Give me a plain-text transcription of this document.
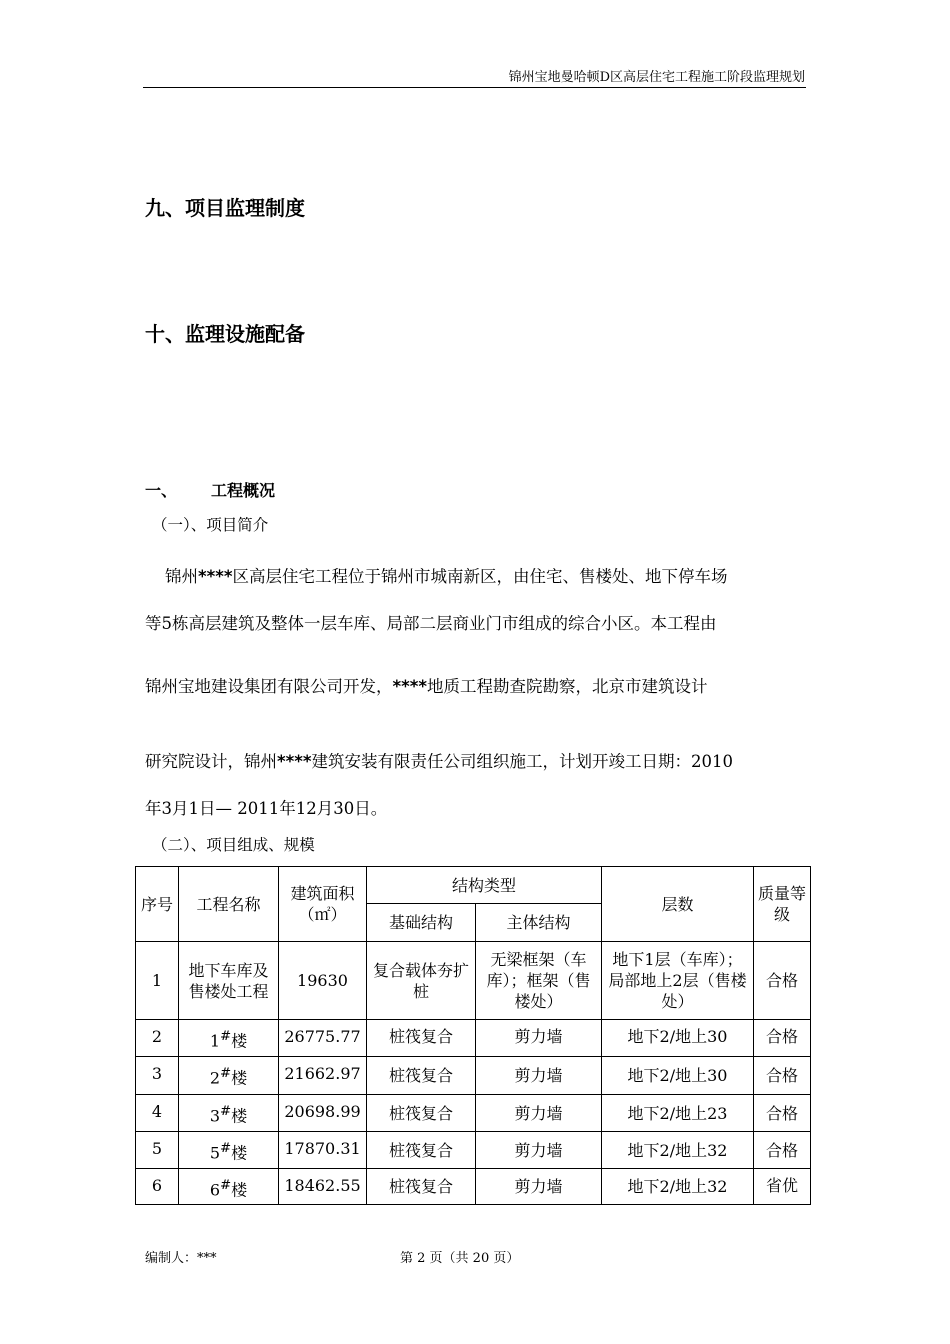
锦州宝地曼哈顿D区高层住宅工程施工阶段监理规划
九、项目监理制度
十、监理设施配备
一、 工程概况
（一）、项目简介
锦州****区高层住宅工程位于锦州市城南新区，由住宅、售楼处、地下停车场
等5栋高层建筑及整体一层车库、局部二层商业门市组成的综合小区。本工程由
锦州宝地建设集团有限公司开发，****地质工程勘查院勘察，北京市建筑设计
研究院设计，锦州****建筑安装有限责任公司组织施工，计划开竣工日期：2010
年3月1日— 2011年12月30日。
（二）、项目组成、规模
序号	工程名称	建筑面积（㎡）	结构类型		层数	质量等级
			基础结构	主体结构		
1	地下车库及售楼处工程	19630	复合载体夯扩桩	无梁框架（车库）；框架（售楼处）	地下1层（车库）；局部地上2层（售楼处）	合格
2	1#楼	26775.77	桩筏复合	剪力墙	地下2/地上30	合格
3	2#楼	21662.97	桩筏复合	剪力墙	地下2/地上30	合格
4	3#楼	20698.99	桩筏复合	剪力墙	地下2/地上23	合格
5	5#楼	17870.31	桩筏复合	剪力墙	地下2/地上32	合格
6	6#楼	18462.55	桩筏复合	剪力墙	地下2/地上32	省优
编制人：***	第 2 页（共 20 页）
